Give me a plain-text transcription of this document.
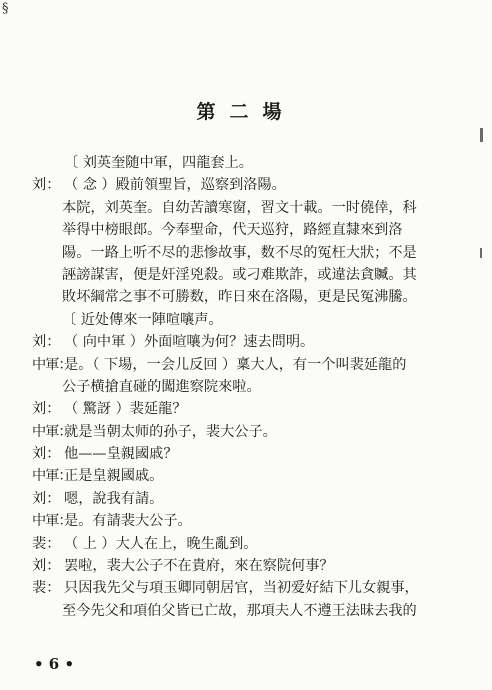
§
第二場
〔 刘英奎随中軍，四龍套上。
刘： （ 念 ）殿前領聖旨，巡察到洛陽。
本院，刘英奎。自幼苦讀寒窗，習文十載。一时僥倖，科
举得中榜眼郎。今奉聖命，代天巡狩，路經直隸來到洛
陽。一路上听不尽的悲惨故事，数不尽的冤枉大狀；不是
誣謗謀害，便是奸淫兇殺。或刁难欺詐，或違法貪贓。其
敗坏綱常之事不可勝数，昨日來在洛陽，更是民冤沸騰。
〔 近处傳來一陣喧嚷声。
刘： （ 向中軍 ）外面喧嚷为何？速去問明。
中軍：是。（ 下場，一会儿反回 ）稟大人，有一个叫裴延龍的
公子横搶直碰的闖進察院來啦。
刘： （ 驚訝 ）裴延龍？
中軍：就是当朝太师的孙子，裴大公子。
刘： 他——皇親國戚？
中軍：正是皇親國戚。
刘： 嗯，說我有請。
中軍：是。有請裴大公子。
裴： （ 上 ）大人在上，晚生亂到。
刘： 罢啦，裴大公子不在貴府，來在察院何事？
裴： 只因我先父与項玉卿同朝居官，当初爱好結下儿女親事，
至今先父和項伯父皆已亡故，那項夫人不遵王法昧去我的
• 6 •
